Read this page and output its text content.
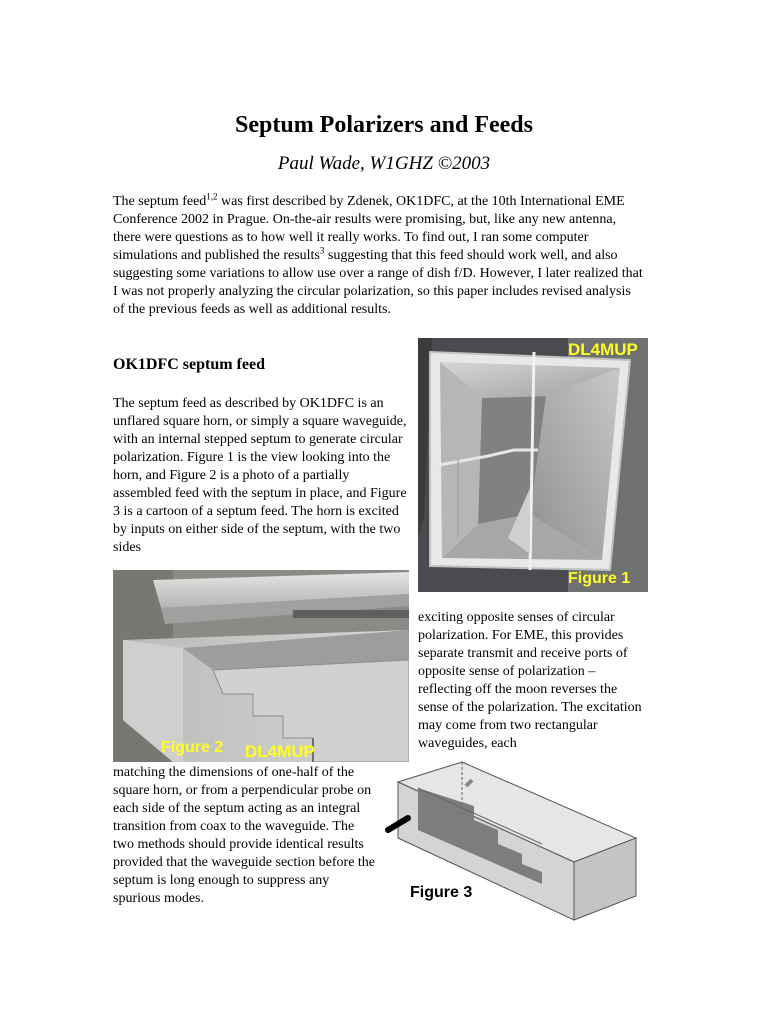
Septum Polarizers and Feeds
Paul Wade, W1GHZ ©2003

The septum feed$^{1,2}$ was first described by Zdenek, OK1DFC, at the 10th International EME Conference 2002 in Prague. On-the-air results were promising, but, like any new antenna, there were questions as to how well it really works. To find out, I ran some computer simulations and published the results$^3$ suggesting that this feed should work well, and also suggesting some variations to allow use over a range of dish f/D. However, I later realized that I was not properly analyzing the circular polarization, so this paper includes revised analysis of the previous feeds as well as additional results.

OK1DFC septum feed

The septum feed as described by OK1DFC is an unflared square horn, or simply a square waveguide, with an internal stepped septum to generate circular polarization. Figure 1 is the view looking into the horn, and Figure 2 is a photo of a partially assembled feed with the septum in place, and Figure 3 is a cartoon of a septum feed. The horn is excited by inputs on either side of the septum, with the two sides

DL4MUP
Figure 1
Figure 2 DL4MUP

exciting opposite senses of circular polarization. For EME, this provides separate transmit and receive ports of opposite sense of polarization – reflecting off the moon reverses the sense of the polarization. The excitation may come from two rectangular waveguides, each

matching the dimensions of one-half of the square horn, or from a perpendicular probe on each side of the septum acting as an integral transition from coax to the waveguide. The two methods should provide identical results provided that the waveguide section before the septum is long enough to suppress any spurious modes.	Figure 3
